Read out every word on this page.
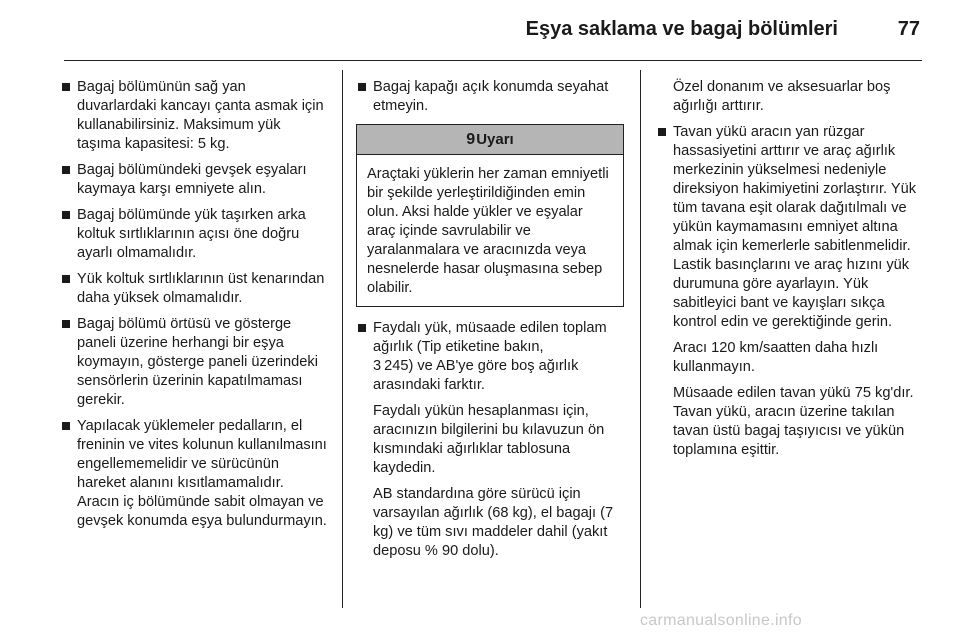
Eşya saklama ve bagaj bölümleri	77
Bagaj bölümünün sağ yan duvarlardaki kancayı çanta asmak için kullanabilirsiniz. Maksimum yük taşıma kapasitesi: 5 kg.
Bagaj bölümündeki gevşek eşyaları kaymaya karşı emniyete alın.
Bagaj bölümünde yük taşırken arka koltuk sırtlıklarının açısı öne doğru ayarlı olmamalıdır.
Yük koltuk sırtlıklarının üst kenarından daha yüksek olmamalıdır.
Bagaj bölümü örtüsü ve gösterge paneli üzerine herhangi bir eşya koymayın, gösterge paneli üzerindeki sensörlerin üzerinin kapatılmaması gerekir.
Yapılacak yüklemeler pedalların, el freninin ve vites kolunun kullanılmasını engellememelidir ve sürücünün hareket alanını kısıtlamamalıdır. Aracın iç bölümünde sabit olmayan ve gevşek konumda eşya bulundurmayın.
Bagaj kapağı açık konumda seyahat etmeyin.
9Uyarı
Araçtaki yüklerin her zaman emniyetli bir şekilde yerleştirildiğinden emin olun. Aksi halde yükler ve eşyalar araç içinde savrulabilir ve yaralanmalara ve aracınızda veya nesnelerde hasar oluşmasına sebep olabilir.
Faydalı yük, müsaade edilen toplam ağırlık (Tip etiketine bakın,
3 245) ve AB'ye göre boş ağırlık arasındaki farktır.
Faydalı yükün hesaplanması için, aracınızın bilgilerini bu kılavuzun ön kısmındaki ağırlıklar tablosuna kaydedin.
AB standardına göre sürücü için varsayılan ağırlık (68 kg), el bagajı (7 kg) ve tüm sıvı maddeler dahil (yakıt deposu % 90 dolu).

Özel donanım ve aksesuarlar boş ağırlığı arttırır.

Tavan yükü aracın yan rüzgar hassasiyetini arttırır ve araç ağırlık merkezinin yükselmesi nedeniyle direksiyon hakimiyetini zorlaştırır. Yük tüm tavana eşit olarak dağıtılmalı ve yükün kaymamasını emniyet altına almak için kemerlerle sabitlenmelidir. Lastik basınçlarını ve araç hızını yük durumuna göre ayarlayın. Yük sabitleyici bant ve kayışları sıkça kontrol edin ve gerektiğinde gerin.
Aracı 120 km/saatten daha hızlı kullanmayın.
Müsaade edilen tavan yükü 75 kg'dır. Tavan yükü, aracın üzerine takılan tavan üstü bagaj taşıyıcısı ve yükün toplamına eşittir.
carmanualsonline.info
